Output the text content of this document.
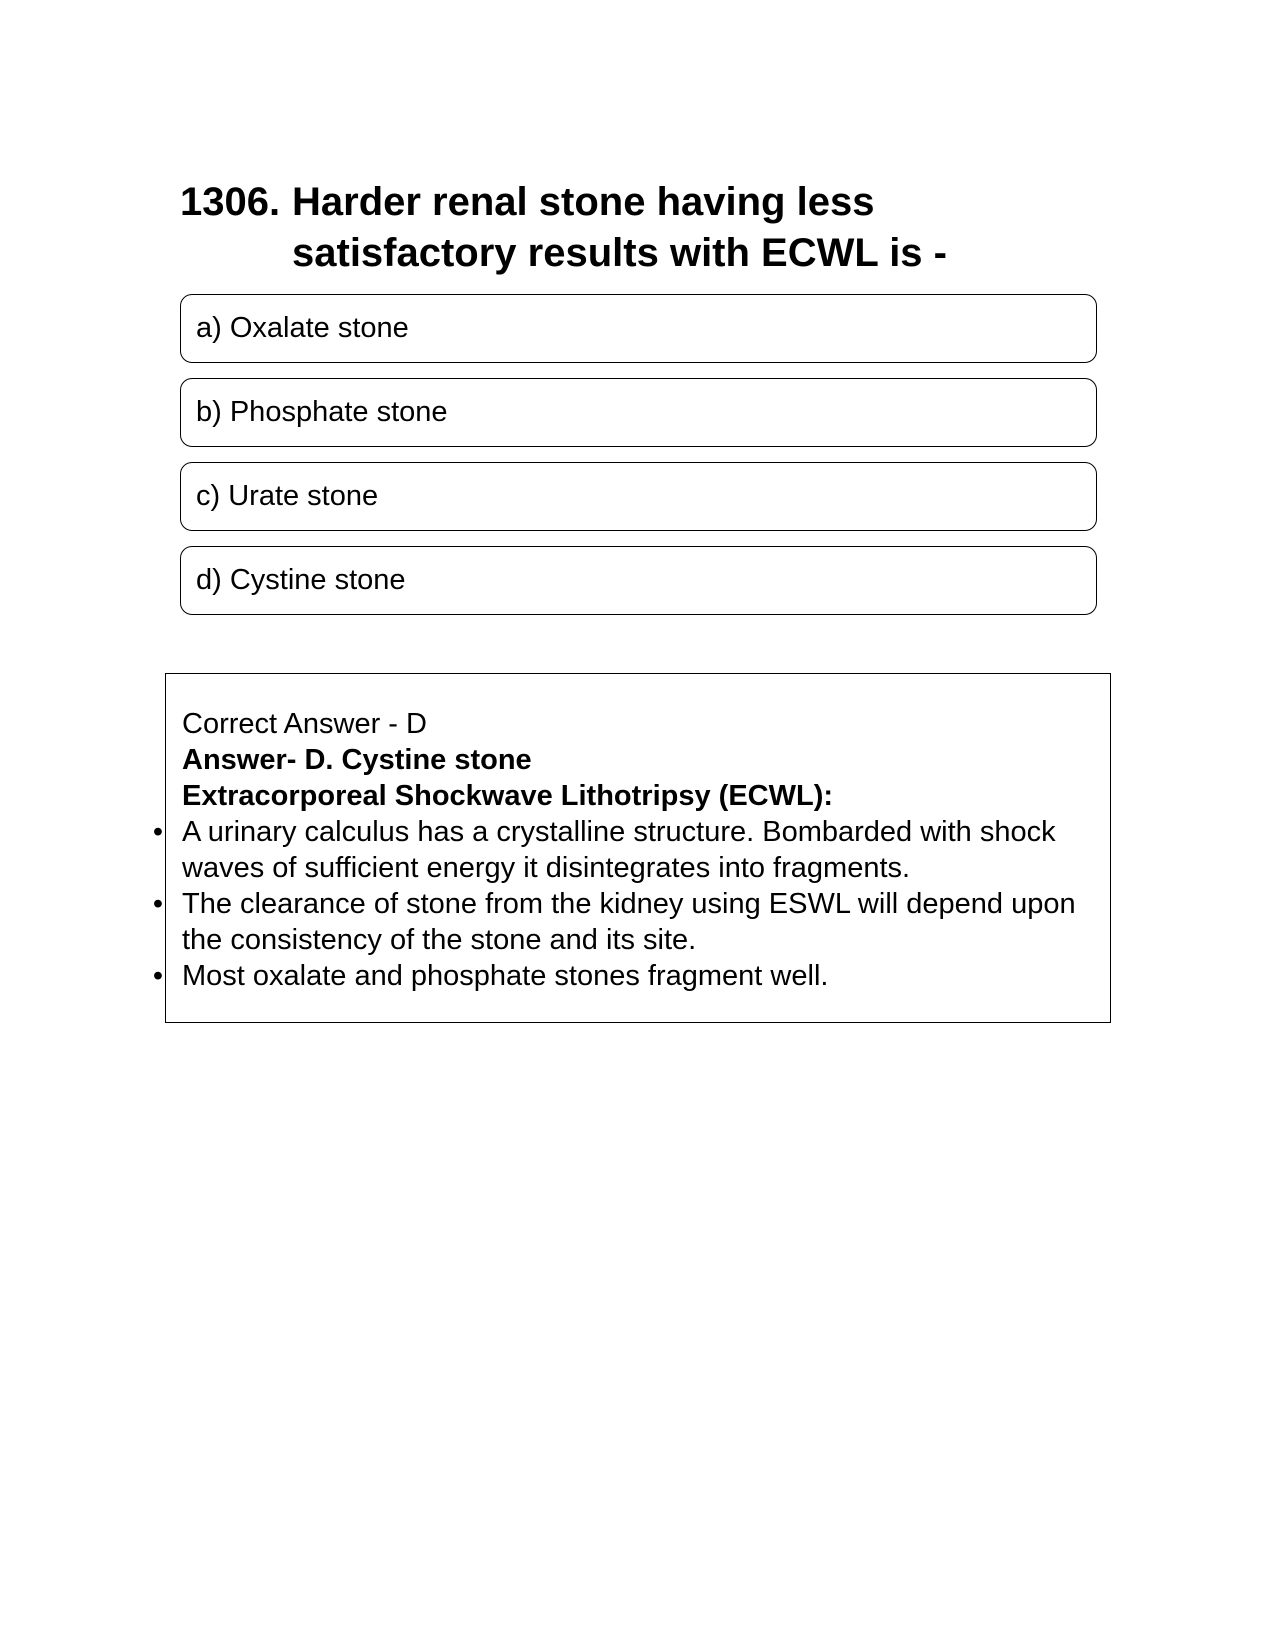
1306. Harder renal stone having less satisfactory results with ECWL is -
a) Oxalate stone
b) Phosphate stone
c) Urate stone
d) Cystine stone
Correct Answer - D
Answer- D. Cystine stone
Extracorporeal Shockwave Lithotripsy (ECWL):
• A urinary calculus has a crystalline structure. Bombarded with shock waves of sufficient energy it disintegrates into fragments.
• The clearance of stone from the kidney using ESWL will depend upon the consistency of the stone and its site.
• Most oxalate and phosphate stones fragment well.
